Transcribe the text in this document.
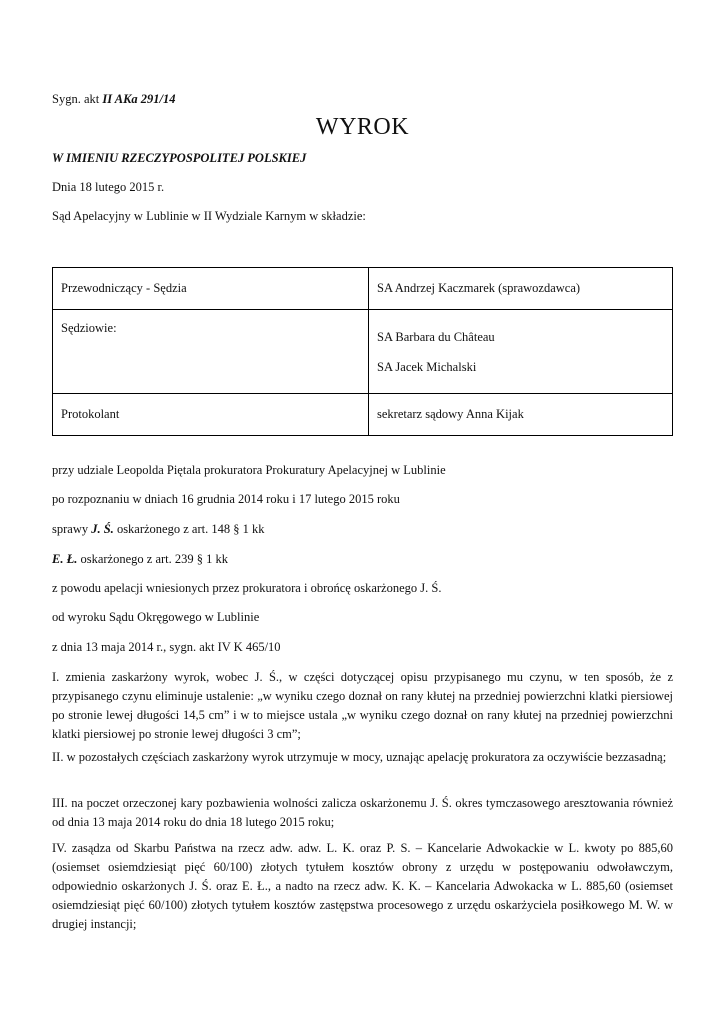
Sygn. akt II AKa 291/14
WYROK
W IMIENIU RZECZYPOSPOLITEJ POLSKIEJ
Dnia 18 lutego 2015 r.
Sąd Apelacyjny w Lublinie w II Wydziale Karnym w składzie:
Przewodniczący - Sędzia	SA Andrzej Kaczmarek (sprawozdawca)
Sędziowie:	SA Barbara du Château
SA Jacek Michalski

Protokolant	sekretarz sądowy Anna Kijak
przy udziale Leopolda Piętala prokuratora Prokuratury Apelacyjnej w Lublinie
po rozpoznaniu w dniach 16 grudnia 2014 roku i 17 lutego 2015 roku
sprawy J. Ś. oskarżonego z art. 148 § 1 kk
E. Ł. oskarżonego z art. 239 § 1 kk
z powodu apelacji wniesionych przez prokuratora i obrońcę oskarżonego J. Ś.
od wyroku Sądu Okręgowego w Lublinie
z dnia 13 maja 2014 r., sygn. akt IV K 465/10
I. zmienia zaskarżony wyrok, wobec J. Ś., w części dotyczącej opisu przypisanego mu czynu, w ten sposób, że z przypisanego czynu eliminuje ustalenie: „w wyniku czego doznał on rany kłutej na przedniej powierzchni klatki piersiowej po stronie lewej długości 14,5 cm” i w to miejsce ustala „w wyniku czego doznał on rany kłutej na przedniej powierzchni klatki piersiowej po stronie lewej długości 3 cm”;
II. w pozostałych częściach zaskarżony wyrok utrzymuje w mocy, uznając apelację prokuratora za oczywiście bezzasadną;
III. na poczet orzeczonej kary pozbawienia wolności zalicza oskarżonemu J. Ś. okres tymczasowego aresztowania również od dnia 13 maja 2014 roku do dnia 18 lutego 2015 roku;
IV. zasądza od Skarbu Państwa na rzecz adw. adw. L. K. oraz P. S. – Kancelarie Adwokackie w L. kwoty po 885,60 (osiemset osiemdziesiąt pięć 60/100) złotych tytułem kosztów obrony z urzędu w postępowaniu odwoławczym, odpowiednio oskarżonych J. Ś. oraz E. Ł., a nadto na rzecz adw. K. K. – Kancelaria Adwokacka w L. 885,60 (osiemset osiemdziesiąt pięć 60/100) złotych tytułem kosztów zastępstwa procesowego z urzędu oskarżyciela posiłkowego M. W. w drugiej instancji;
